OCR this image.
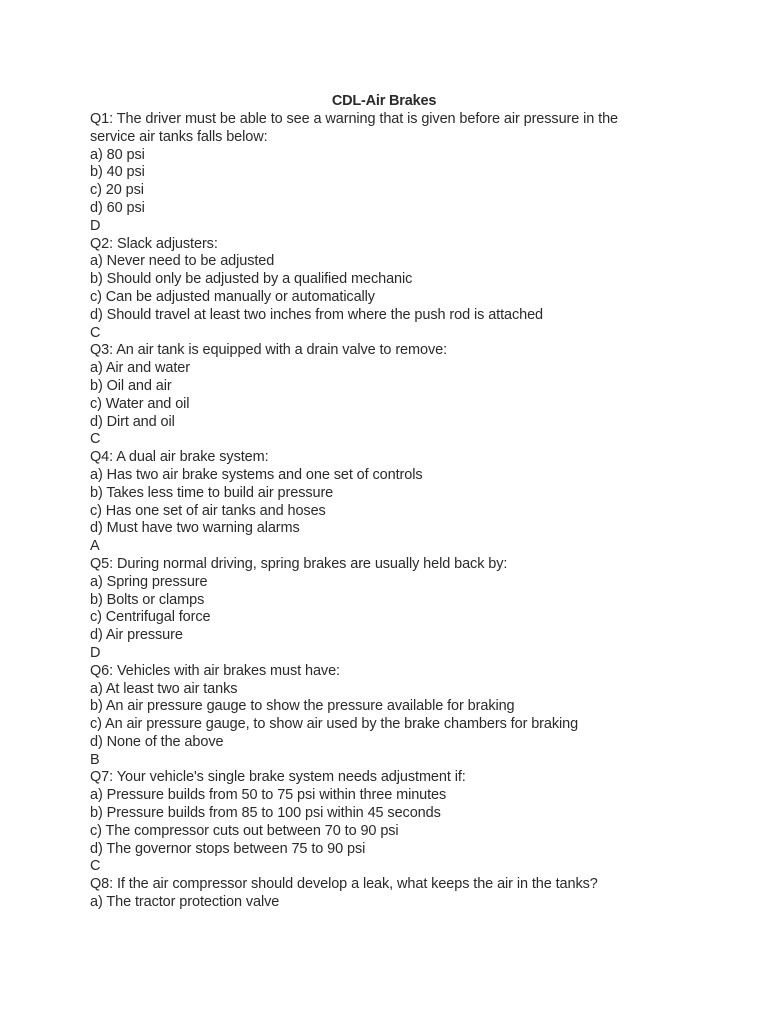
CDL-Air Brakes
Q1: The driver must be able to see a warning that is given before air pressure in the
service air tanks falls below:
a) 80 psi
b) 40 psi
c) 20 psi
d) 60 psi
D
Q2: Slack adjusters:
a) Never need to be adjusted
b) Should only be adjusted by a qualified mechanic
c) Can be adjusted manually or automatically
d) Should travel at least two inches from where the push rod is attached
C
Q3: An air tank is equipped with a drain valve to remove:
a) Air and water
b) Oil and air
c) Water and oil
d) Dirt and oil
C
Q4: A dual air brake system:
a) Has two air brake systems and one set of controls
b) Takes less time to build air pressure
c) Has one set of air tanks and hoses
d) Must have two warning alarms
A
Q5: During normal driving, spring brakes are usually held back by:
a) Spring pressure
b) Bolts or clamps
c) Centrifugal force
d) Air pressure
D
Q6: Vehicles with air brakes must have:
a) At least two air tanks
b) An air pressure gauge to show the pressure available for braking
c) An air pressure gauge, to show air used by the brake chambers for braking
d) None of the above
B
Q7: Your vehicle's single brake system needs adjustment if:
a) Pressure builds from 50 to 75 psi within three minutes
b) Pressure builds from 85 to 100 psi within 45 seconds
c) The compressor cuts out between 70 to 90 psi
d) The governor stops between 75 to 90 psi
C
Q8: If the air compressor should develop a leak, what keeps the air in the tanks?
a) The tractor protection valve
